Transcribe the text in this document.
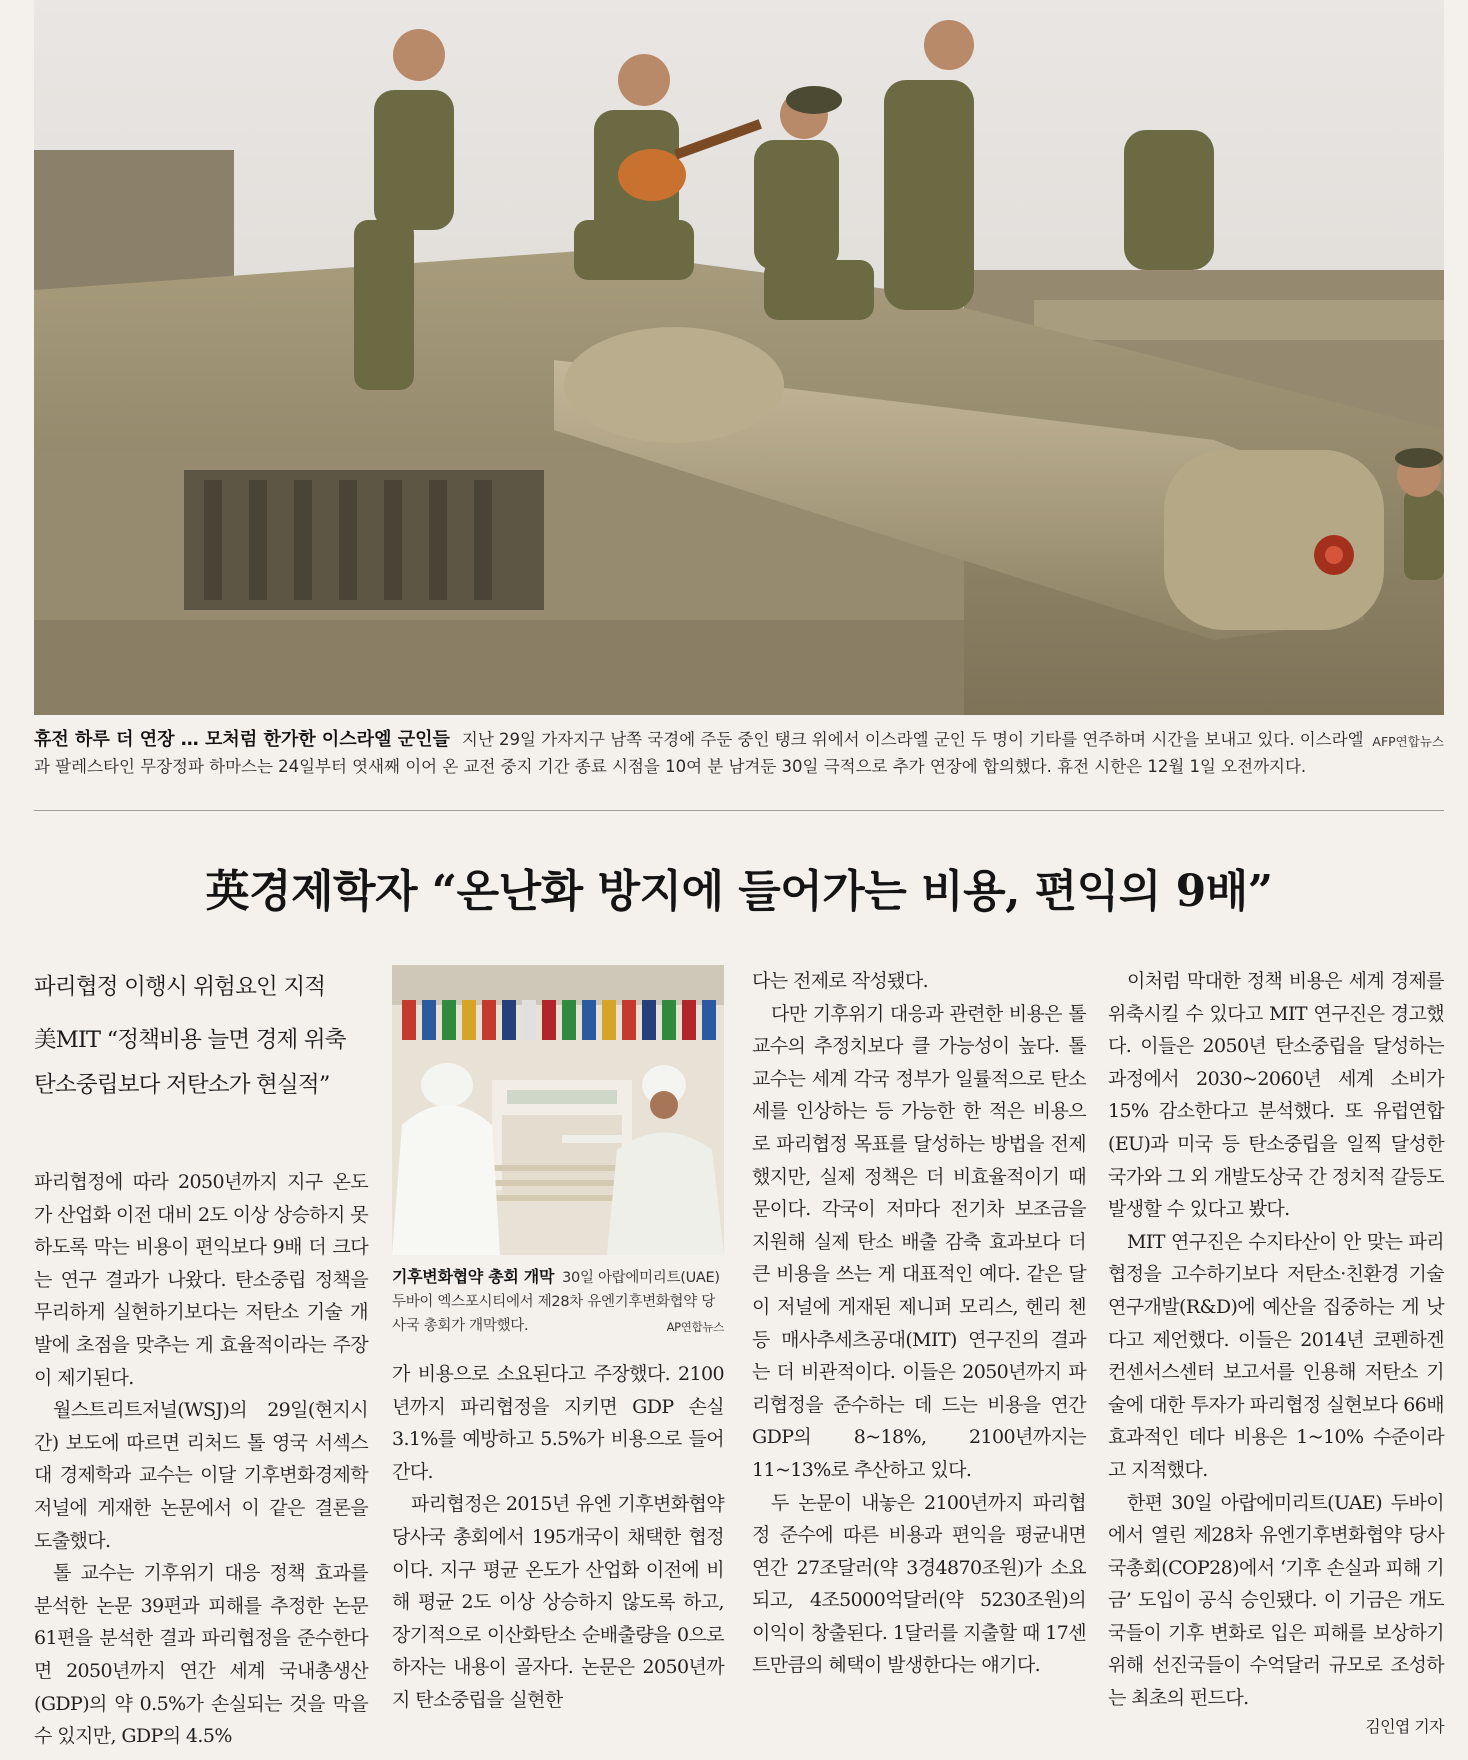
AFP연합뉴스
휴전 하루 더 연장 … 모처럼 한가한 이스라엘 군인들 지난 29일 가자지구 남쪽 국경에 주둔 중인 탱크 위에서 이스라엘 군인 두 명이 기타를 연주하며 시간을 보내고 있다. 이스라엘과 팔레스타인 무장정파 하마스는 24일부터 엿새째 이어 온 교전 중지 기간 종료 시점을 10여 분 남겨둔 30일 극적으로 추가 연장에 합의했다. 휴전 시한은 12월 1일 오전까지다.
英경제학자 “온난화 방지에 들어가는 비용, 편익의 9배”
파리협정 이행시 위험요인 지적
美MIT “정책비용 늘면 경제 위축
탄소중립보다 저탄소가 현실적”

파리협정에 따라 2050년까지 지구 온도가 산업화 이전 대비 2도 이상 상승하지 못하도록 막는 비용이 편익보다 9배 더 크다는 연구 결과가 나왔다. 탄소중립 정책을 무리하게 실현하기보다는 저탄소 기술 개발에 초점을 맞추는 게 효율적이라는 주장이 제기된다.

월스트리트저널(WSJ)의 29일(현지시간) 보도에 따르면 리처드 톨 영국 서섹스대 경제학과 교수는 이달 기후변화경제학 저널에 게재한 논문에서 이 같은 결론을 도출했다.

톨 교수는 기후위기 대응 정책 효과를 분석한 논문 39편과 피해를 추정한 논문 61편을 분석한 결과 파리협정을 준수한다면 2050년까지 연간 세계 국내총생산(GDP)의 약 0.5%가 손실되는 것을 막을 수 있지만, GDP의 4.5%

기후변화협약 총회 개막 30일 아랍에미리트(UAE) 두바이 엑스포시티에서 제28차 유엔기후변화협약 당사국 총회가 개막했다.	AP연합뉴스

가 비용으로 소요된다고 주장했다. 2100년까지 파리협정을 지키면 GDP 손실 3.1%를 예방하고 5.5%가 비용으로 들어간다.

파리협정은 2015년 유엔 기후변화협약 당사국 총회에서 195개국이 채택한 협정이다. 지구 평균 온도가 산업화 이전에 비해 평균 2도 이상 상승하지 않도록 하고, 장기적으로 이산화탄소 순배출량을 0으로 하자는 내용이 골자다. 논문은 2050년까지 탄소중립을 실현한

다는 전제로 작성됐다.

다만 기후위기 대응과 관련한 비용은 톨 교수의 추정치보다 클 가능성이 높다. 톨 교수는 세계 각국 정부가 일률적으로 탄소세를 인상하는 등 가능한 한 적은 비용으로 파리협정 목표를 달성하는 방법을 전제했지만, 실제 정책은 더 비효율적이기 때문이다. 각국이 저마다 전기차 보조금을 지원해 실제 탄소 배출 감축 효과보다 더 큰 비용을 쓰는 게 대표적인 예다. 같은 달 이 저널에 게재된 제니퍼 모리스, 헨리 첸 등 매사추세츠공대(MIT) 연구진의 결과는 더 비관적이다. 이들은 2050년까지 파리협정을 준수하는 데 드는 비용을 연간 GDP의 8~18%, 2100년까지는 11~13%로 추산하고 있다.

두 논문이 내놓은 2100년까지 파리협정 준수에 따른 비용과 편익을 평균내면 연간 27조달러(약 3경4870조원)가 소요되고, 4조5000억달러(약 5230조원)의 이익이 창출된다. 1달러를 지출할 때 17센트만큼의 혜택이 발생한다는 얘기다.

이처럼 막대한 정책 비용은 세계 경제를 위축시킬 수 있다고 MIT 연구진은 경고했다. 이들은 2050년 탄소중립을 달성하는 과정에서 2030~2060년 세계 소비가 15% 감소한다고 분석했다. 또 유럽연합(EU)과 미국 등 탄소중립을 일찍 달성한 국가와 그 외 개발도상국 간 정치적 갈등도 발생할 수 있다고 봤다.

MIT 연구진은 수지타산이 안 맞는 파리협정을 고수하기보다 저탄소·친환경 기술 연구개발(R&D)에 예산을 집중하는 게 낫다고 제언했다. 이들은 2014년 코펜하겐컨센서스센터 보고서를 인용해 저탄소 기술에 대한 투자가 파리협정 실현보다 66배 효과적인 데다 비용은 1~10% 수준이라고 지적했다.

한편 30일 아랍에미리트(UAE) 두바이에서 열린 제28차 유엔기후변화협약 당사국총회(COP28)에서 ‘기후 손실과 피해 기금’ 도입이 공식 승인됐다. 이 기금은 개도국들이 기후 변화로 입은 피해를 보상하기 위해 선진국들이 수억달러 규모로 조성하는 최초의 펀드다.

김인엽 기자
